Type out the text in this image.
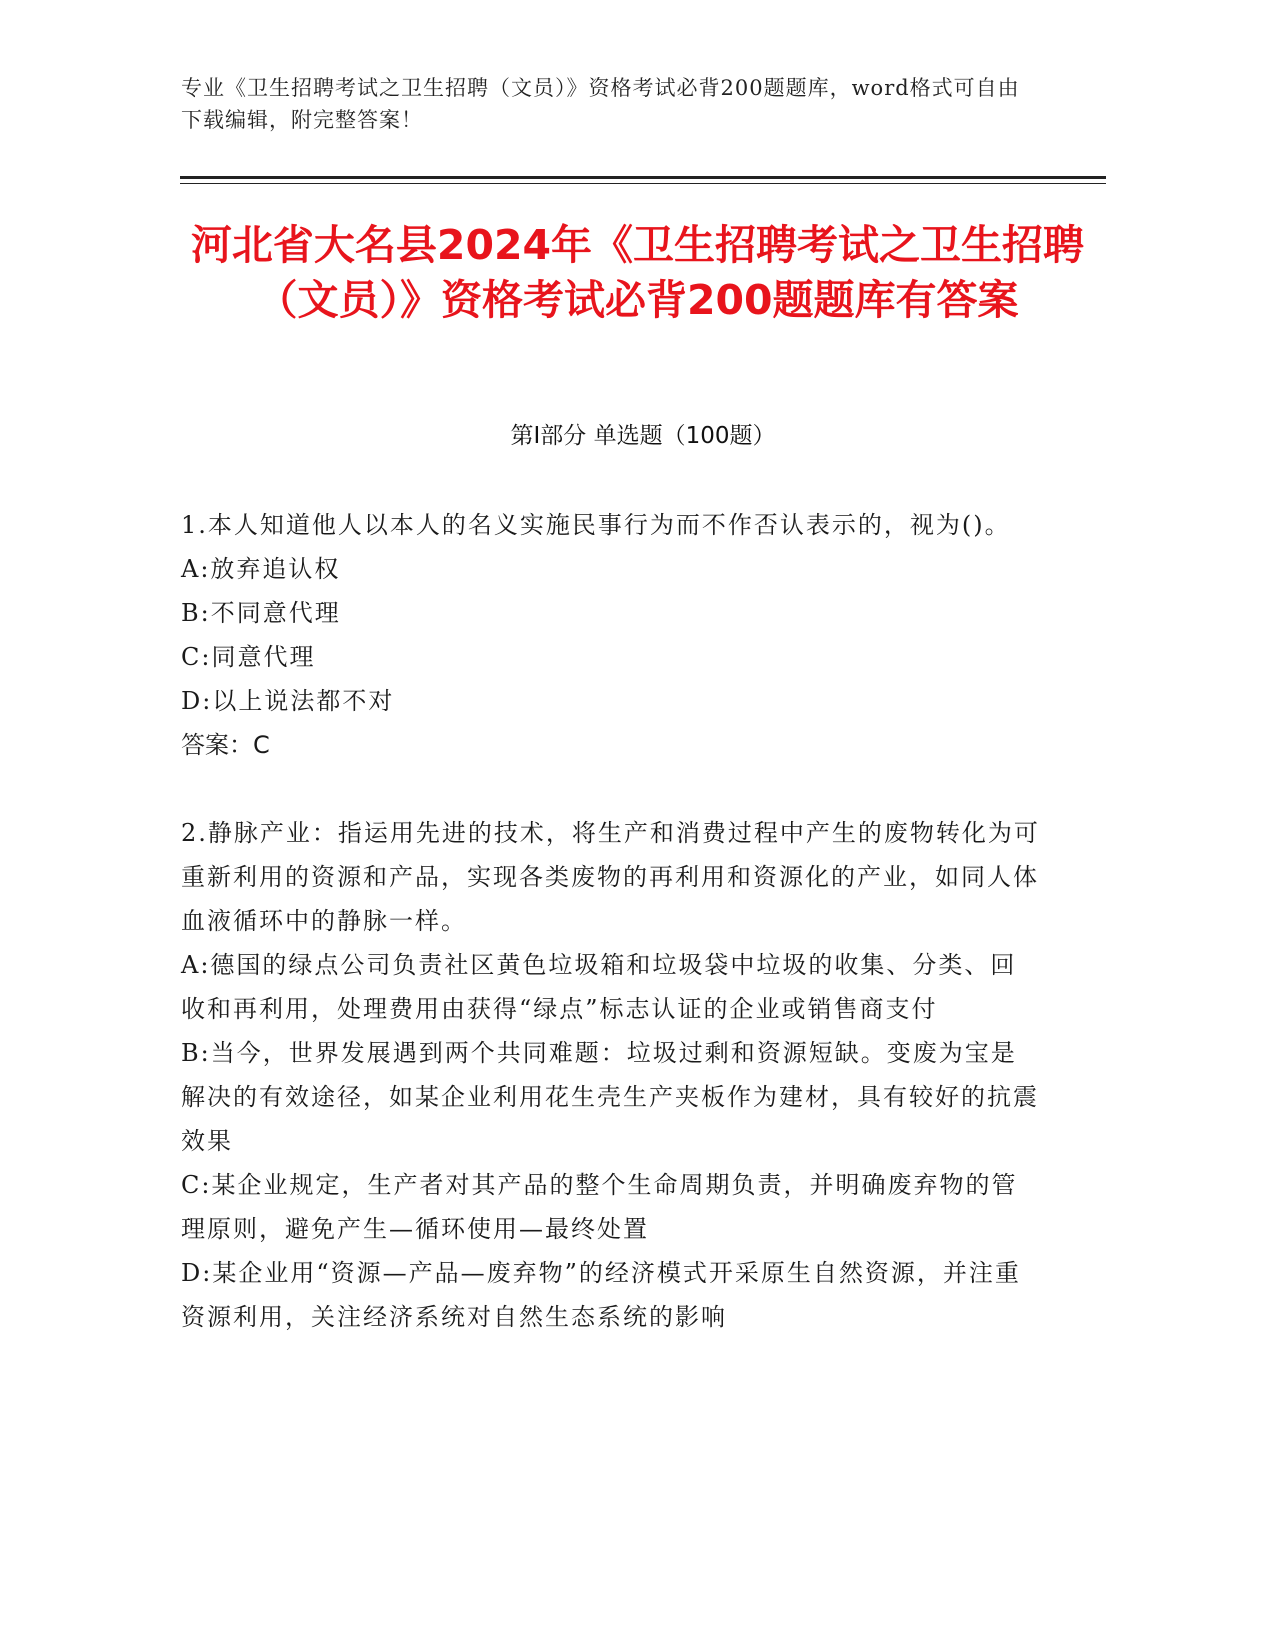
专业《卫生招聘考试之卫生招聘（文员）》资格考试必背200题题库，word格式可自由下载编辑，附完整答案！
河北省大名县2024年《卫生招聘考试之卫生招聘（文员）》资格考试必背200题题库有答案
第I部分 单选题（100题）

1.本人知道他人以本人的名义实施民事行为而不作否认表示的，视为()。

A:放弃追认权

B:不同意代理

C:同意代理

D:以上说法都不对

答案：C

2.静脉产业：指运用先进的技术，将生产和消费过程中产生的废物转化为可重新利用的资源和产品，实现各类废物的再利用和资源化的产业，如同人体血液循环中的静脉一样。

A:德国的绿点公司负责社区黄色垃圾箱和垃圾袋中垃圾的收集、分类、回收和再利用，处理费用由获得“绿点”标志认证的企业或销售商支付

B:当今，世界发展遇到两个共同难题：垃圾过剩和资源短缺。变废为宝是解决的有效途径，如某企业利用花生壳生产夹板作为建材，具有较好的抗震效果

C:某企业规定，生产者对其产品的整个生命周期负责，并明确废弃物的管理原则，避免产生—循环使用—最终处置

D:某企业用“资源—产品—废弃物”的经济模式开采原生自然资源，并注重资源利用，关注经济系统对自然生态系统的影响
